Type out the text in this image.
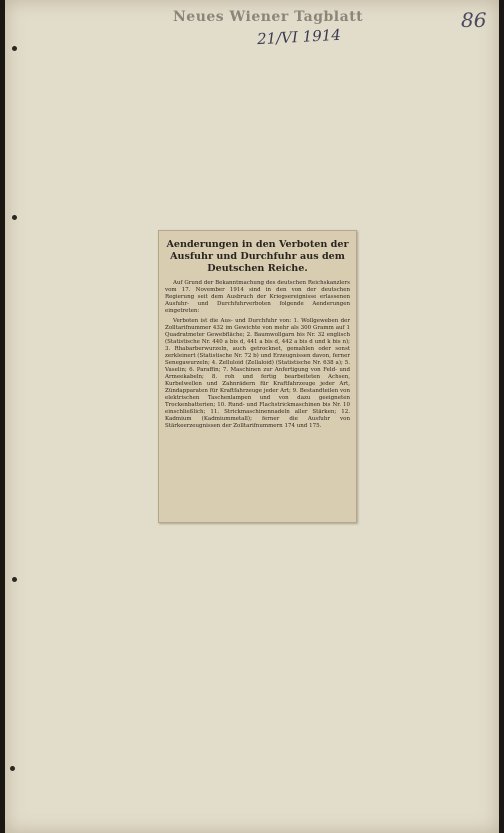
Neues Wiener Tagblatt
21/VI 1914
86
Aenderungen in den Verboten der Ausfuhr und Durchfuhr aus dem Deutschen Reiche.

Auf Grund der Bekanntmachung des deutschen Reichskanzlers vom 17. November 1914 sind in den von der deutschen Regierung seit dem Ausbruch der Kriegsereignisse erlassenen Ausfuhr- und Durchfuhrverboten folgende Aenderungen eingetreten:

Verboten ist die Aus- und Durchfuhr von: 1. Wollgeweben der Zolltarifnummer 432 im Gewichte von mehr als 300 Gramm auf 1 Quadratmeter Gewebfläche; 2. Baumwollgarn bis Nr. 32 englisch (Statistische Nr. 440 a bis d, 441 a bis d, 442 a bis d und k bis n); 3. Rhabarberwurzeln, auch getrocknet, gemahlen oder sonst zerkleinert (Statistische Nr. 72 b) und Erzeugnissen davon, ferner Senegawurzeln; 4. Zelluloid (Zellaloid) (Statistische Nr. 638 a); 5. Vaselin; 6. Paraffin; 7. Maschinen zur Anfertigung von Feld- und Armeekabeln; 8. roh und fertig bearbeiteten Achsen, Kurbelwellen und Zahnrädern für Kraftfahrzeuge jeder Art, Zündapparaten für Kraftfahrzeuge jeder Art; 9. Bestandteilen von elektrischen Taschenlampen und von dazu geeigneten Trockenbatterien; 10. Rund- und Flachstrickmaschinen bis Nr. 10 einschließlich; 11. Strickmaschinennadeln aller Stärken; 12. Kadmium (Kadmiummetall); ferner die Ausfuhr von Stärkeerzeugnissen der Zolltarifnummern 174 und 175.
